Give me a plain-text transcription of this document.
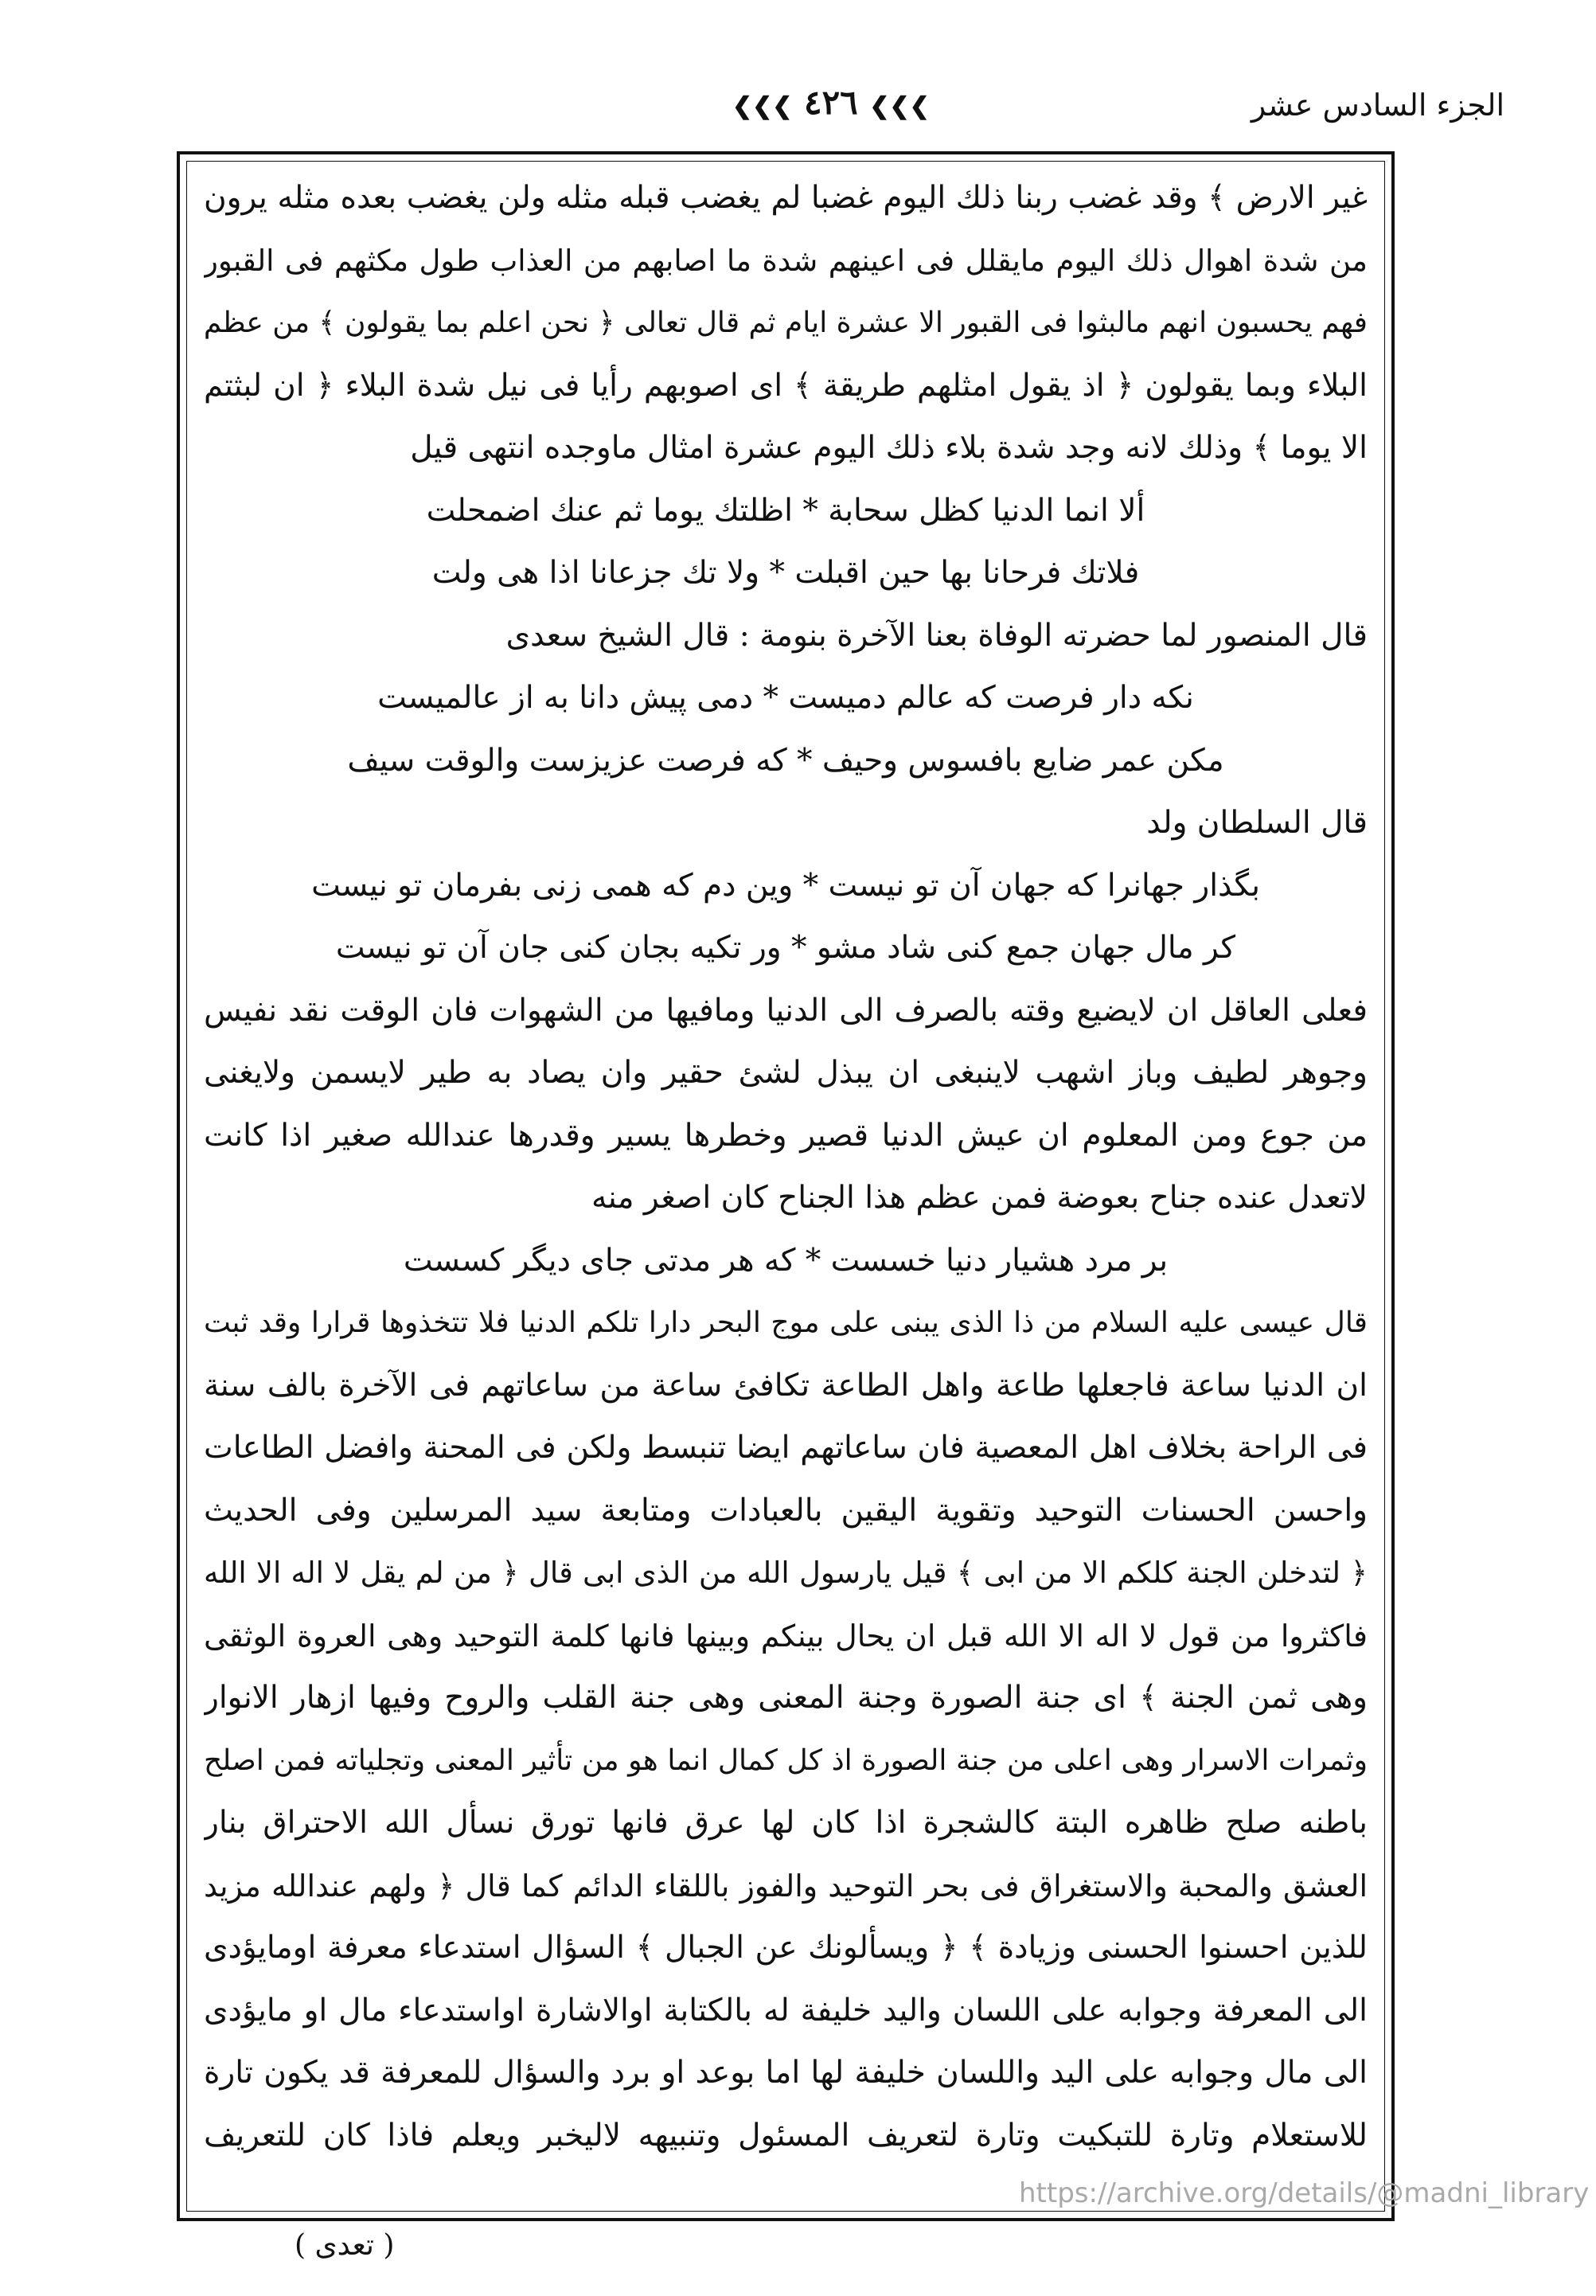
الجزء السادس عشر
❮❮❮ ٤٢٦ ❮❮❮
غير الارض ﴾ وقد غضب ربنا ذلك اليوم غضبا لم يغضب قبله مثله ولن يغضب بعده مثله يرون
من شدة اهوال ذلك اليوم مايقلل فى اعينهم شدة ما اصابهم من العذاب طول مكثهم فى القبور
فهم يحسبون انهم مالبثوا فى القبور الا عشرة ايام ثم قال تعالى ﴿ نحن اعلم بما يقولون ﴾ من عظم
البلاء وبما يقولون ﴿ اذ يقول امثلهم طريقة ﴾ اى اصوبهم رأيا فى نيل شدة البلاء ﴿ ان لبثتم
الا يوما ﴾ وذلك لانه وجد شدة بلاء ذلك اليوم عشرة امثال ماوجده انتهى قيل
ألا انما الدنيا كظل سحابة * اظلتك يوما ثم عنك اضمحلت
فلاتك فرحانا بها حين اقبلت * ولا تك جزعانا اذا هى ولت
قال المنصور لما حضرته الوفاة بعنا الآخرة بنومة : قال الشيخ سعدى
نكه دار فرصت كه عالم دميست * دمى پيش دانا به از عالميست
مكن عمر ضايع بافسوس وحيف * كه فرصت عزيزست والوقت سيف
قال السلطان ولد
بگذار جهانرا كه جهان آن تو نيست * وين دم كه همى زنى بفرمان تو نيست
كر مال جهان جمع كنى شاد مشو * ور تكيه بجان كنى جان آن تو نيست
فعلى العاقل ان لايضيع وقته بالصرف الى الدنيا ومافيها من الشهوات فان الوقت نقد نفيس
وجوهر لطيف وباز اشهب لاينبغى ان يبذل لشئ حقير وان يصاد به طير لايسمن ولايغنى
من جوع ومن المعلوم ان عيش الدنيا قصير وخطرها يسير وقدرها عندالله صغير اذا كانت
لاتعدل عنده جناح بعوضة فمن عظم هذا الجناح كان اصغر منه
بر مرد هشيار دنيا خسست * كه هر مدتى جاى ديگر كسست
قال عيسى عليه السلام من ذا الذى يبنى على موج البحر دارا تلكم الدنيا فلا تتخذوها قرارا وقد ثبت
ان الدنيا ساعة فاجعلها طاعة واهل الطاعة تكافئ ساعة من ساعاتهم فى الآخرة بالف سنة
فى الراحة بخلاف اهل المعصية فان ساعاتهم ايضا تنبسط ولكن فى المحنة وافضل الطاعات
واحسن الحسنات التوحيد وتقوية اليقين بالعبادات ومتابعة سيد المرسلين وفى الحديث
﴿ لتدخلن الجنة كلكم الا من ابى ﴾ قيل يارسول الله من الذى ابى قال ﴿ من لم يقل لا اله الا الله
فاكثروا من قول لا اله الا الله قبل ان يحال بينكم وبينها فانها كلمة التوحيد وهى العروة الوثقى
وهى ثمن الجنة ﴾ اى جنة الصورة وجنة المعنى وهى جنة القلب والروح وفيها ازهار الانوار
وثمرات الاسرار وهى اعلى من جنة الصورة اذ كل كمال انما هو من تأثير المعنى وتجلياته فمن اصلح
باطنه صلح ظاهره البتة كالشجرة اذا كان لها عرق فانها تورق نسأل الله الاحتراق بنار
العشق والمحبة والاستغراق فى بحر التوحيد والفوز باللقاء الدائم كما قال ﴿ ولهم عندالله مزيد
للذين احسنوا الحسنى وزيادة ﴾ ﴿ ويسألونك عن الجبال ﴾ السؤال استدعاء معرفة اومايؤدى
الى المعرفة وجوابه على اللسان واليد خليفة له بالكتابة اوالاشارة اواستدعاء مال او مايؤدى
الى مال وجوابه على اليد واللسان خليفة لها اما بوعد او برد والسؤال للمعرفة قد يكون تارة
للاستعلام وتارة للتبكيت وتارة لتعريف المسئول وتنبيهه لاليخبر ويعلم فاذا كان للتعريف
( تعدى )
https://archive.org/details/@madni_library
